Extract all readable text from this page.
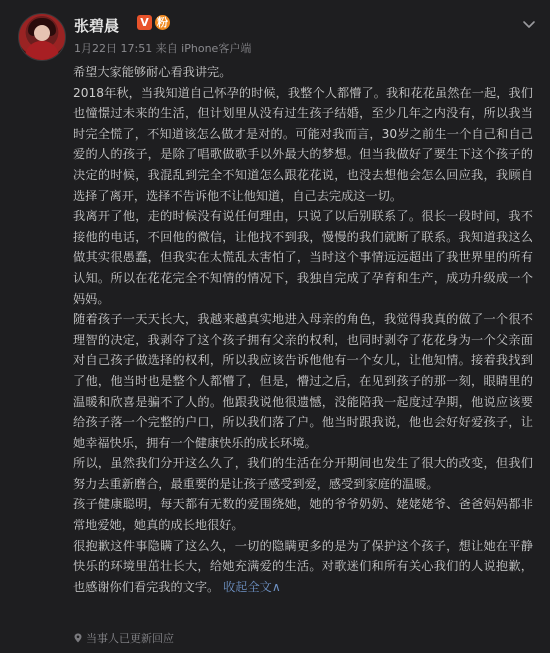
张碧晨 V 粉
1月22日 17:51 来自 iPhone客户端

希望大家能够耐心看我讲完。

2018年秋，当我知道自己怀孕的时候，我整个人都懵了。我和花花虽然在一起，我们也憧憬过未来的生活，但计划里从没有过生孩子结婚，至少几年之内没有，所以我当时完全慌了，不知道该怎么做才是对的。可能对我而言，30岁之前生一个自己和自己爱的人的孩子，是除了唱歌做歌手以外最大的梦想。但当我做好了要生下这个孩子的决定的时候，我混乱到完全不知道怎么跟花花说，也没去想他会怎么回应我，我顾自选择了离开，选择不告诉他不让他知道，自己去完成这一切。

我离开了他，走的时候没有说任何理由，只说了以后别联系了。很长一段时间，我不接他的电话，不回他的微信，让他找不到我，慢慢的我们就断了联系。我知道我这么做其实很愚蠢，但我实在太慌乱太害怕了，当时这个事情远远超出了我世界里的所有认知。所以在花花完全不知情的情况下，我独自完成了孕育和生产，成功升级成一个妈妈。

随着孩子一天天长大，我越来越真实地进入母亲的角色，我觉得我真的做了一个很不理智的决定，我剥夺了这个孩子拥有父亲的权利，也同时剥夺了花花身为一个父亲面对自己孩子做选择的权利，所以我应该告诉他他有一个女儿，让他知情。接着我找到了他，他当时也是整个人都懵了，但是，懵过之后，在见到孩子的那一刻，眼睛里的温暖和欣喜是骗不了人的。他跟我说他很遗憾，没能陪我一起度过孕期，他说应该要给孩子落一个完整的户口，所以我们落了户。他当时跟我说，他也会好好爱孩子，让她幸福快乐，拥有一个健康快乐的成长环境。

所以，虽然我们分开这么久了，我们的生活在分开期间也发生了很大的改变，但我们努力去重新磨合，最重要的是让孩子感受到爱，感受到家庭的温暖。

孩子健康聪明，每天都有无数的爱围绕她，她的爷爷奶奶、姥姥姥爷、爸爸妈妈都非常地爱她，她真的成长地很好。

很抱歉这件事隐瞒了这么久，一切的隐瞒更多的是为了保护这个孩子，想让她在平静快乐的环境里茁壮长大，给她充满爱的生活。对歌迷们和所有关心我们的人说抱歉，也感谢你们看完我的文字。 收起全文∧

当事人已更新回应
